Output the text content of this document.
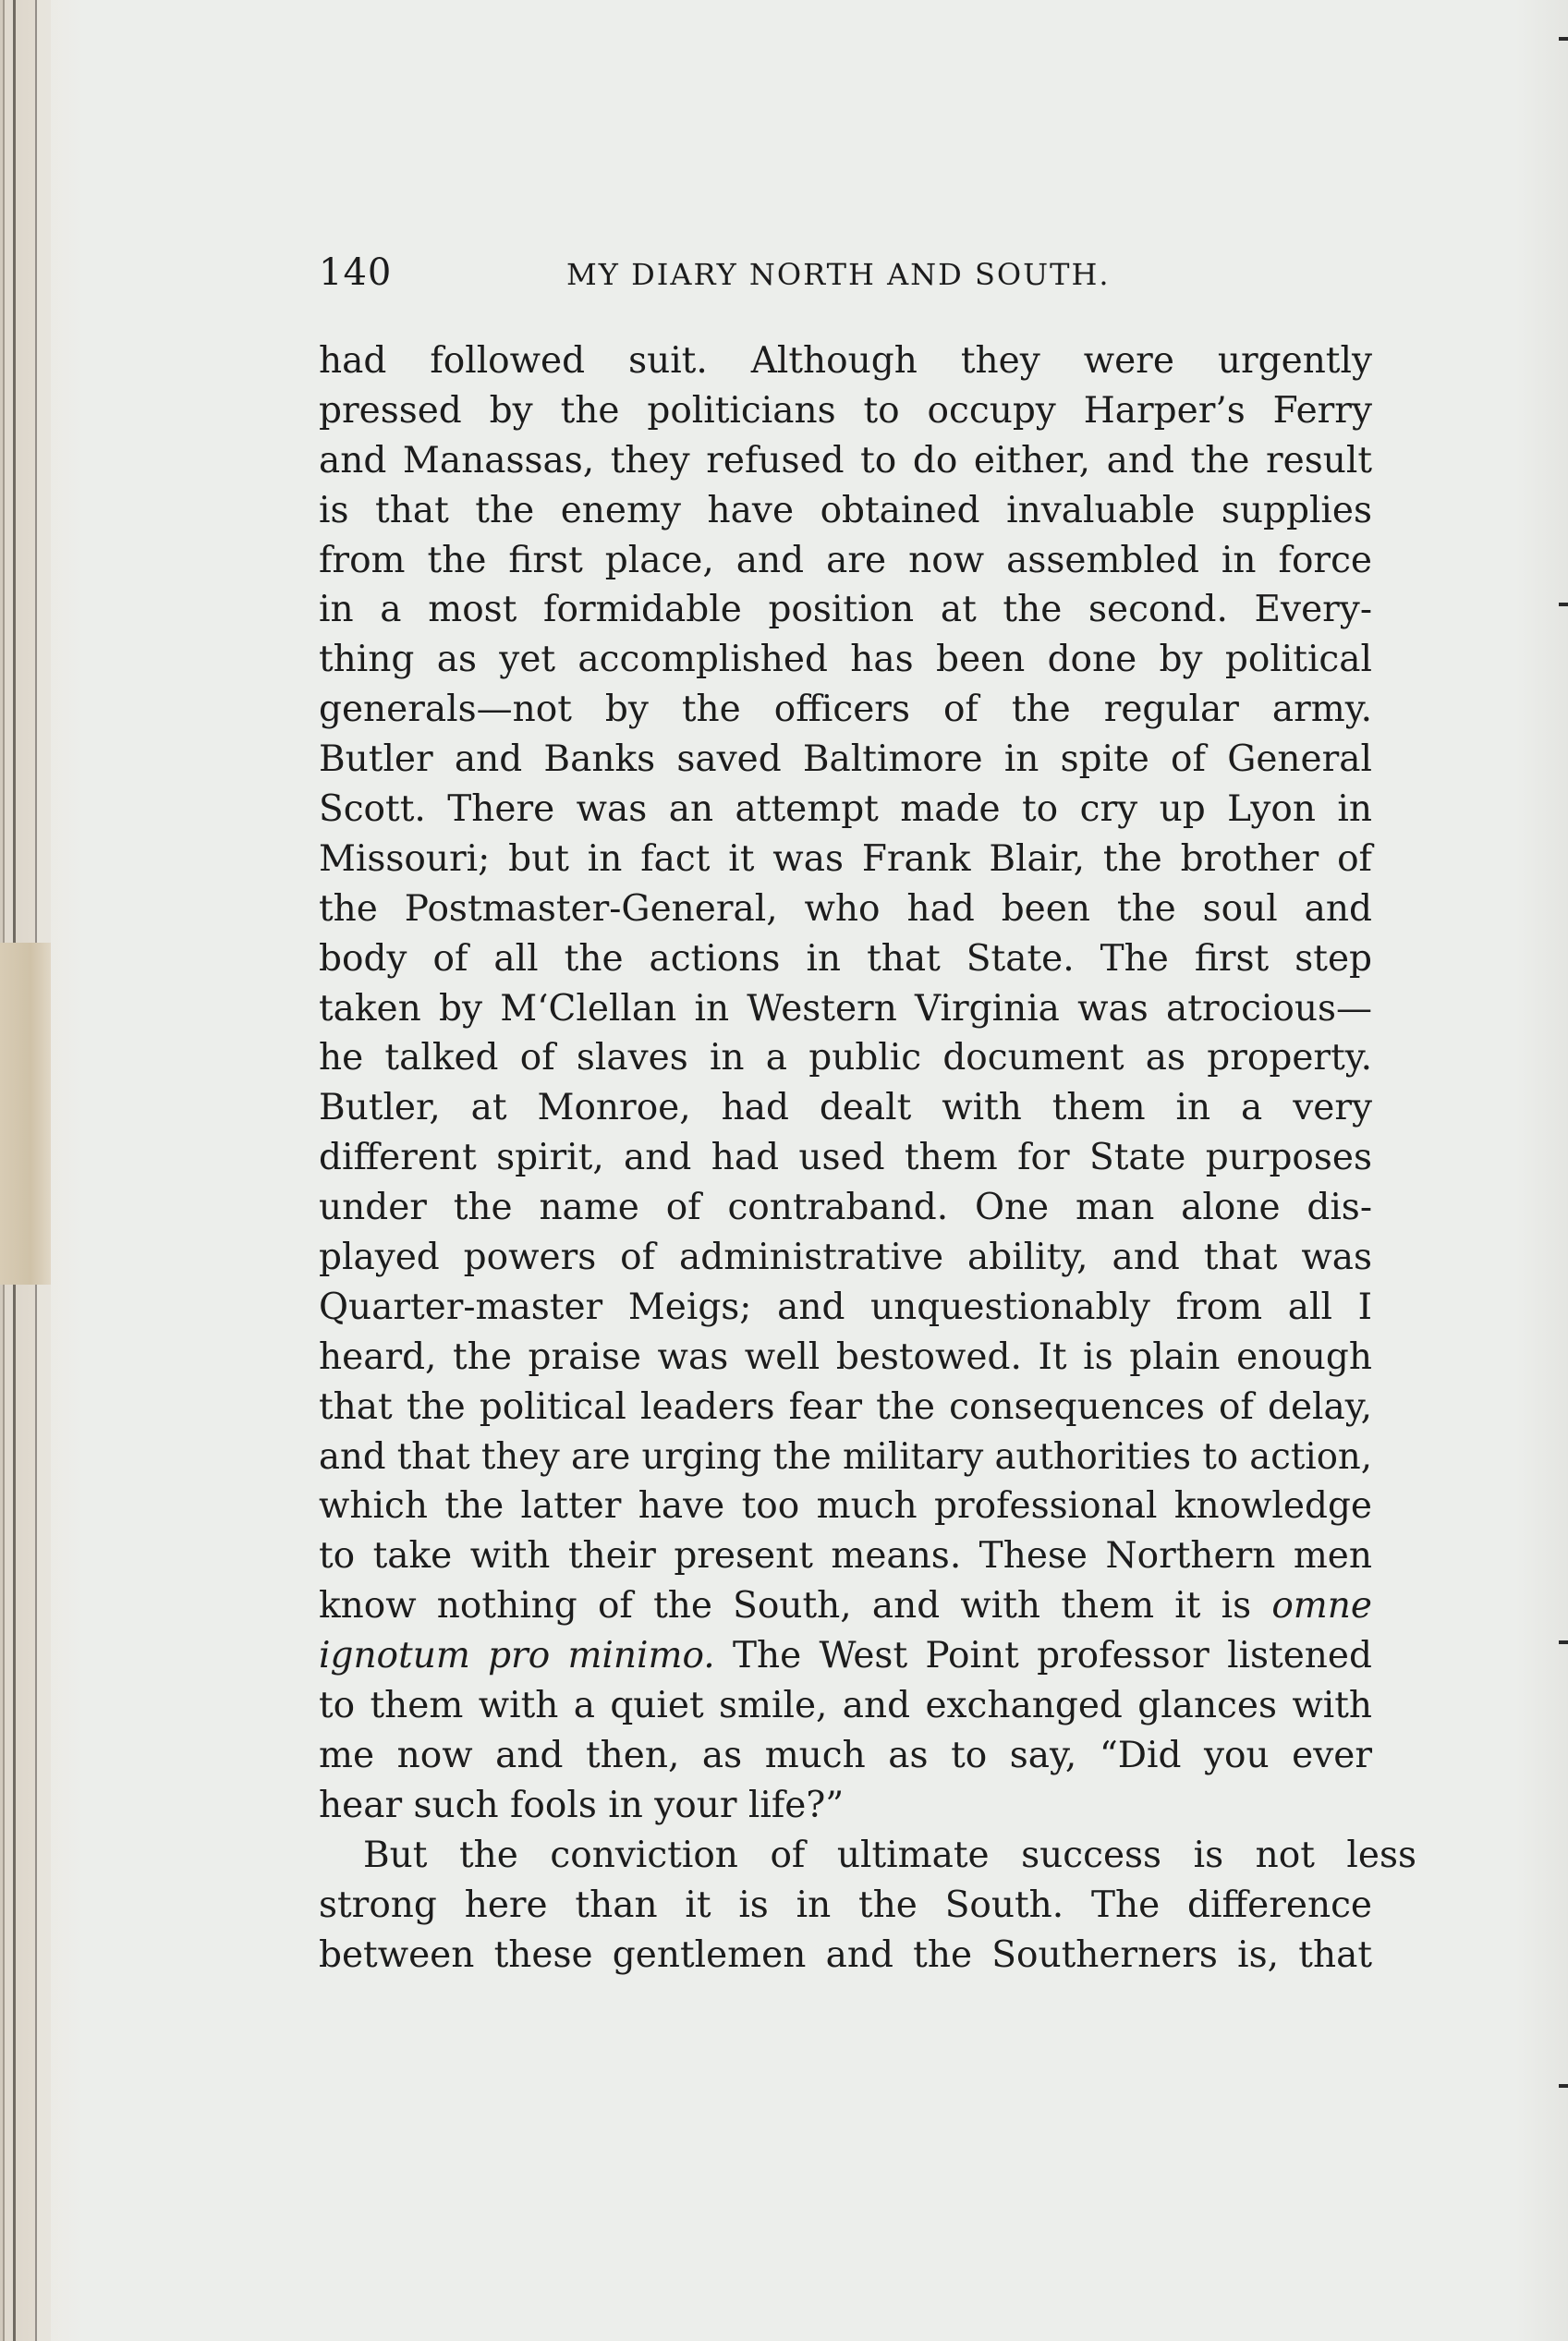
140	MY DIARY NORTH AND SOUTH.
had followed suit. Although they were urgently
pressed by the politicians to occupy Harper’s Ferry
and Manassas, they refused to do either, and the result
is that the enemy have obtained invaluable supplies
from the first place, and are now assembled in force
in a most formidable position at the second. Every-
thing as yet accomplished has been done by political
generals—not by the officers of the regular army.
Butler and Banks saved Baltimore in spite of General
Scott. There was an attempt made to cry up Lyon in
Missouri; but in fact it was Frank Blair, the brother of
the Postmaster-General, who had been the soul and
body of all the actions in that State. The first step
taken by M‘Clellan in Western Virginia was atrocious—
he talked of slaves in a public document as property.
Butler, at Monroe, had dealt with them in a very
different spirit, and had used them for State purposes
under the name of contraband. One man alone dis-
played powers of administrative ability, and that was
Quarter-master Meigs; and unquestionably from all I
heard, the praise was well bestowed. It is plain enough
that the political leaders fear the consequences of delay,
and that they are urging the military authorities to action,
which the latter have too much professional knowledge
to take with their present means. These Northern men
know nothing of the South, and with them it is omne
ignotum pro minimo. The West Point professor listened
to them with a quiet smile, and exchanged glances with
me now and then, as much as to say, “Did you ever
hear such fools in your life?”
But the conviction of ultimate success is not less
strong here than it is in the South. The difference
between these gentlemen and the Southerners is, that
